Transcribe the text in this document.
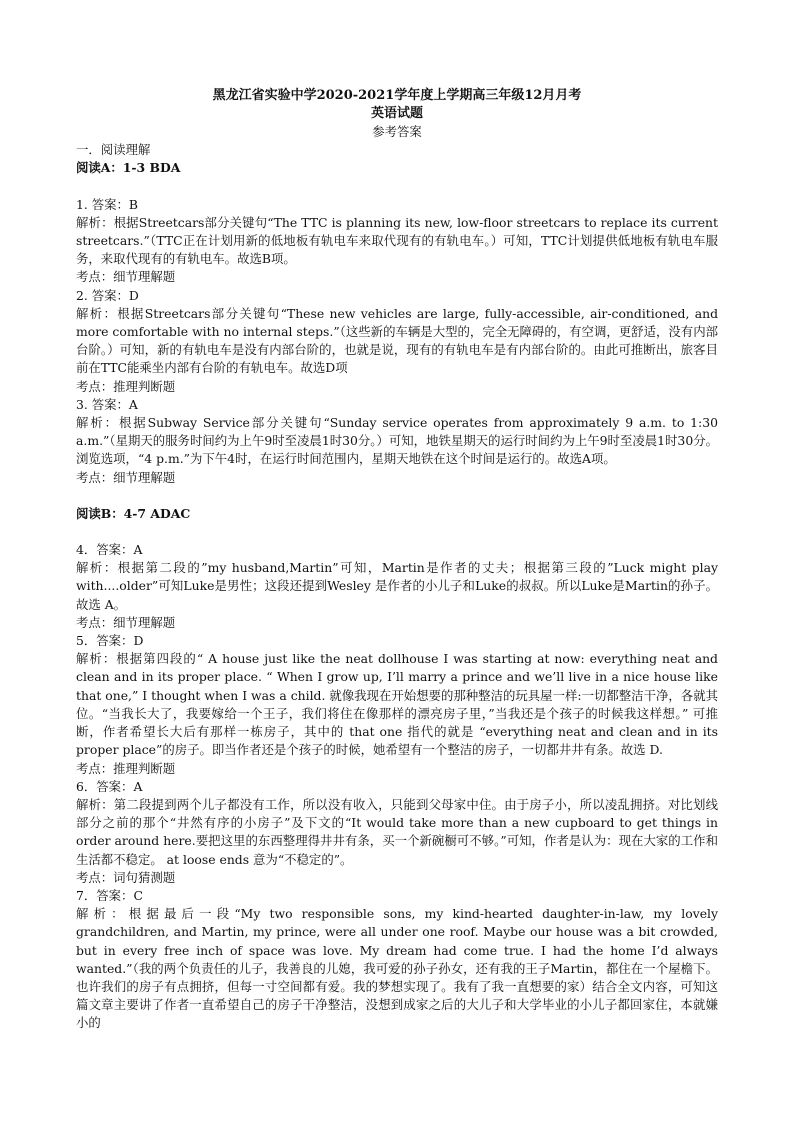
黑龙江省实验中学2020-2021学年度上学期高三年级12月月考
英语试题
参考答案

一．阅读理解

阅读A：1-3 BDA

1. 答案：B

解析：根据Streetcars部分关键句“The TTC is planning its new, low-floor streetcars to replace its current streetcars.”（TTC正在计划用新的低地板有轨电车来取代现有的有轨电车。）可知，TTC计划提供低地板有轨电车服务，来取代现有的有轨电车。故选B项。

考点：细节理解题

2. 答案：D

解析：根据Streetcars部分关键句“These new vehicles are large, fully-accessible, air-conditioned, and more comfortable with no internal steps.”（这些新的车辆是大型的，完全无障碍的，有空调，更舒适，没有内部台阶。）可知，新的有轨电车是没有内部台阶的，也就是说，现有的有轨电车是有内部台阶的。由此可推断出，旅客目前在TTC能乘坐内部有台阶的有轨电车。故选D项

考点：推理判断题

3. 答案：A

解析：根据Subway Service部分关键句“Sunday service operates from approximately 9 a.m. to 1:30 a.m.”（星期天的服务时间约为上午9时至凌晨1时30分。）可知，地铁星期天的运行时间约为上午9时至凌晨1时30分。浏览选项，“4 p.m.”为下午4时，在运行时间范围内，星期天地铁在这个时间是运行的。故选A项。

考点：细节理解题

阅读B：4-7 ADAC

4．答案：A

解析：根据第二段的”my husband,Martin”可知，Martin是作者的丈夫；根据第三段的”Luck might play with....older”可知Luke是男性；这段还提到Wesley 是作者的小儿子和Luke的叔叔。所以Luke是Martin的孙子。故选 A。

考点：细节理解题

5．答案：D

解析：根据第四段的“ A house just like the neat dollhouse I was starting at now: everything neat and clean and in its proper place. “ When I grow up, I’ll marry a prince and we’ll live in a nice house like that one,” I thought when I was a child. 就像我现在开始想要的那种整洁的玩具屋一样:一切都整洁干净，各就其位。“当我长大了，我要嫁给一个王子，我们将住在像那样的漂亮房子里，”当我还是个孩子的时候我这样想。” 可推断，作者希望长大后有那样一栋房子，其中的 that one 指代的就是 “everything neat and clean and in its proper place”的房子。即当作者还是个孩子的时候，她希望有一个整洁的房子，一切都井井有条。故选 D.

考点：推理判断题

6．答案：A

解析：第二段提到两个儿子都没有工作，所以没有收入，只能到父母家中住。由于房子小，所以凌乱拥挤。对比划线部分之前的那个“井然有序的小房子”及下文的“It would take more than a new cupboard to get things in order around here.要把这里的东西整理得井井有条，买一个新碗橱可不够。”可知，作者是认为：现在大家的工作和生活都不稳定。 at loose ends 意为“不稳定的”。

考点：词句猜测题

7．答案：C

解析：根据最后一段“My two responsible sons, my kind-hearted daughter-in-law, my lovely grandchildren, and Martin, my prince, were all under one roof. Maybe our house was a bit crowded, but in every free inch of space was love. My dream had come true. I had the home I’d always wanted.”（我的两个负责任的儿子，我善良的儿媳，我可爱的孙子孙女，还有我的王子Martin，都住在一个屋檐下。也许我们的房子有点拥挤，但每一寸空间都有爱。我的梦想实现了。我有了我一直想要的家）结合全文内容，可知这篇文章主要讲了作者一直希望自己的房子干净整洁，没想到成家之后的大儿子和大学毕业的小儿子都回家住，本就嫌小的
